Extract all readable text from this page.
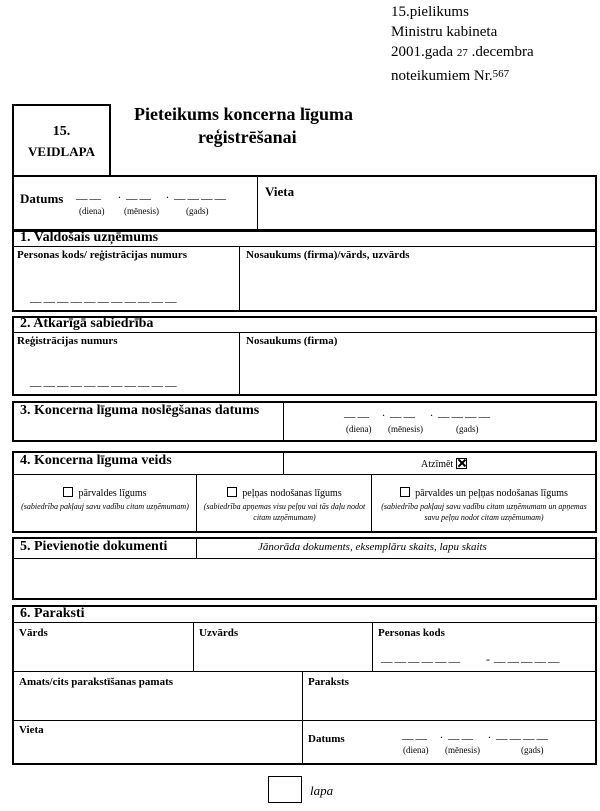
15.pielikums
Ministru kabineta
2001.gada 27 .decembra
noteikumiem Nr.$^{567}$
15.
VEIDLAPA
Pieteikums koncerna līguma
reģistrēšanai
Datums __ __ . __ __ . __ __ __ __
(diena) (mēnesis)	(gads)
Vieta
1. Valdošais uzņēmums
Personas kods/ reģistrācijas numurs	Nosaukums (firma)/vārds, uzvārds
__ __ __ __ __ __ __ __ __ __ __
2. Atkarīgā sabiedrība
Reģistrācijas numurs	Nosaukums (firma)
__ __ __ __ __ __ __ __ __ __ __
3. Koncerna līguma noslēgšanas datums	__ __ . __ __ . __ __ __ __
(diena) (mēnesis)	(gads)
4. Koncerna līguma veids	Atzīmēt
pārvaldes līgums
(sabiedrība pakļauj savu vadību citam uzņēmumam)
peļņas nodošanas līgums
(sabiedrība apņemas visu peļņu vai tās daļu nodot citam uzņēmumam)
pārvaldes un peļņas nodošanas līgums
(sabiedrība pakļauj savu vadību citam uzņēmumam un apņemas savu peļņu nodot citam uzņēmumam)
5. Pievienotie dokumenti	Jānorāda dokuments, eksemplāru skaits, lapu skaits
6. Paraksti
Vārds	Uzvārds	Personas kods
__ __ __ __ __ __ - __ __ __ __ __
Amats/cits parakstīšanas pamats	Paraksts
Vieta
Datums	__ __ . __ __ . __ __ __ __
(diena) (mēnesis)	(gads)
lapa
